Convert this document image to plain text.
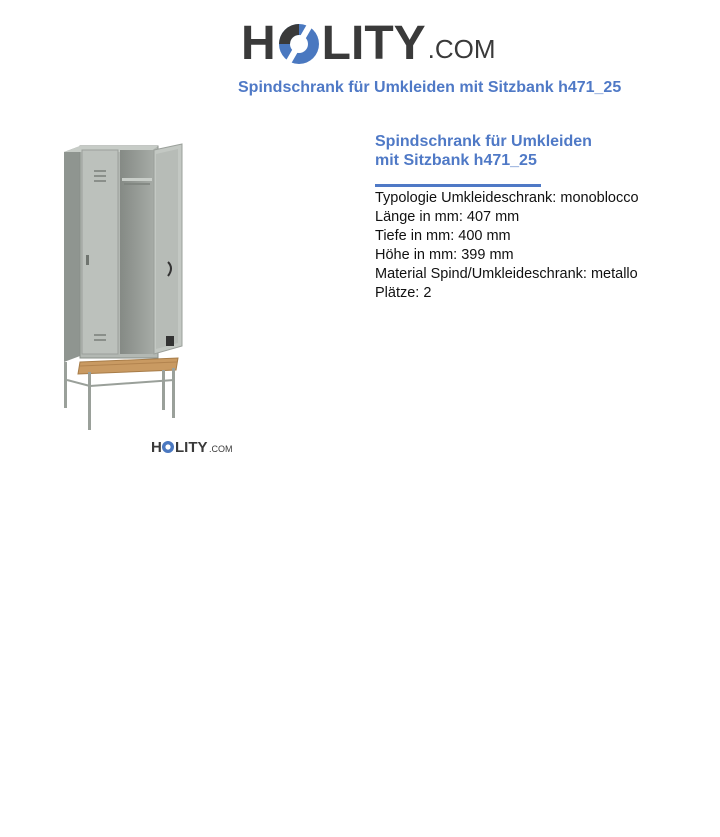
H LITY .COM
Spindschrank für Umkleiden mit Sitzbank h471_25
H LITY .COM
Spindschrank für Umkleiden
mit Sitzbank h471_25
Typologie Umkleideschrank: monoblocco
Länge in mm: 407 mm
Tiefe in mm: 400 mm
Höhe in mm: 399 mm
Material Spind/Umkleideschrank: metallo
Plätze: 2
